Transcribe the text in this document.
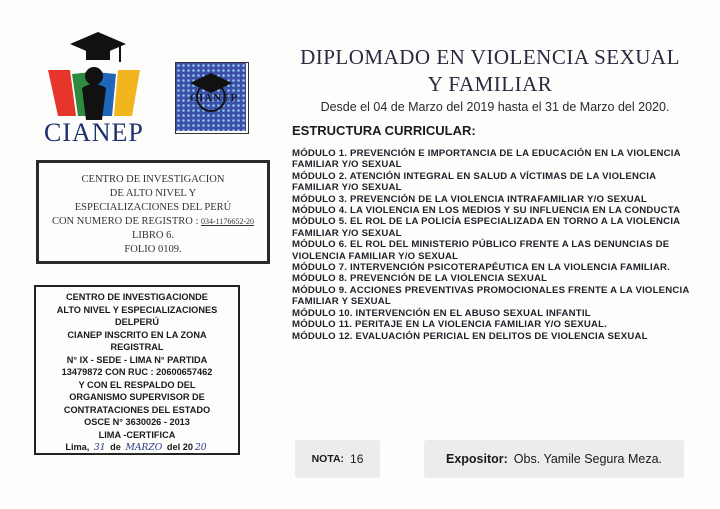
CIANEP
CIANEP
DIPLOMADO EN VIOLENCIA SEXUAL
Y FAMILIAR
Desde el 04 de Marzo del 2019 hasta el 31 de Marzo del 2020.
ESTRUCTURA CURRICULAR:

MÓDULO 1. PREVENCIÓN E IMPORTANCIA DE LA EDUCACIÓN EN LA VIOLENCIA FAMILIAR Y/O SEXUAL

MÓDULO 2. ATENCIÓN INTEGRAL EN SALUD A VÍCTIMAS DE LA VIOLENCIA FAMILIAR Y/O SEXUAL

MÓDULO 3. PREVENCIÓN DE LA VIOLENCIA INTRAFAMILIAR Y/O SEXUAL

MÓDULO 4. LA VIOLENCIA EN LOS MEDIOS Y SU INFLUENCIA EN LA CONDUCTA

MÓDULO 5. EL ROL DE LA POLICÍA ESPECIALIZADA EN TORNO A LA VIOLENCIA FAMILIAR Y/O SEXUAL

MÓDULO 6. EL ROL DEL MINISTERIO PÚBLICO FRENTE A LAS DENUNCIAS DE VIOLENCIA FAMILIAR Y/O SEXUAL

MÓDULO 7. INTERVENCIÓN PSICOTERAPÉUTICA EN LA VIOLENCIA FAMILIAR.

MÓDULO 8. PREVENCIÓN DE LA VIOLENCIA SEXUAL

MÓDULO 9. ACCIONES PREVENTIVAS PROMOCIONALES FRENTE A LA VIOLENCIA FAMILIAR Y SEXUAL

MÓDULO 10. INTERVENCIÓN EN EL ABUSO SEXUAL INFANTIL

MÓDULO 11. PERITAJE EN LA VIOLENCIA FAMILIAR Y/O SEXUAL.

MÓDULO 12. EVALUACIÓN PERICIAL EN DELITOS DE VIOLENCIA SEXUAL

CENTRO DE INVESTIGACION
DE ALTO NIVEL Y
ESPECIALIZACIONES DEL PERÚ
CON NUMERO DE REGISTRO : 034-1176652-20
LIBRO 6.
FOLIO 0109.
CENTRO DE INVESTIGACIONDE
ALTO NIVEL Y ESPECIALIZACIONES
DELPERÚ
CIANEP INSCRITO EN LA ZONA
REGISTRAL
N° IX - SEDE - LIMA N° PARTIDA
13479872 CON RUC : 20600657462
Y CON EL RESPALDO DEL
ORGANISMO SUPERVISOR DE
CONTRATACIONES DEL ESTADO
OSCE N° 3630026 - 2013
LIMA -CERTIFICA
Lima, 31 de MARZO del 20 20
NOTA: 16	Expositor: Obs. Yamile Segura Meza.
